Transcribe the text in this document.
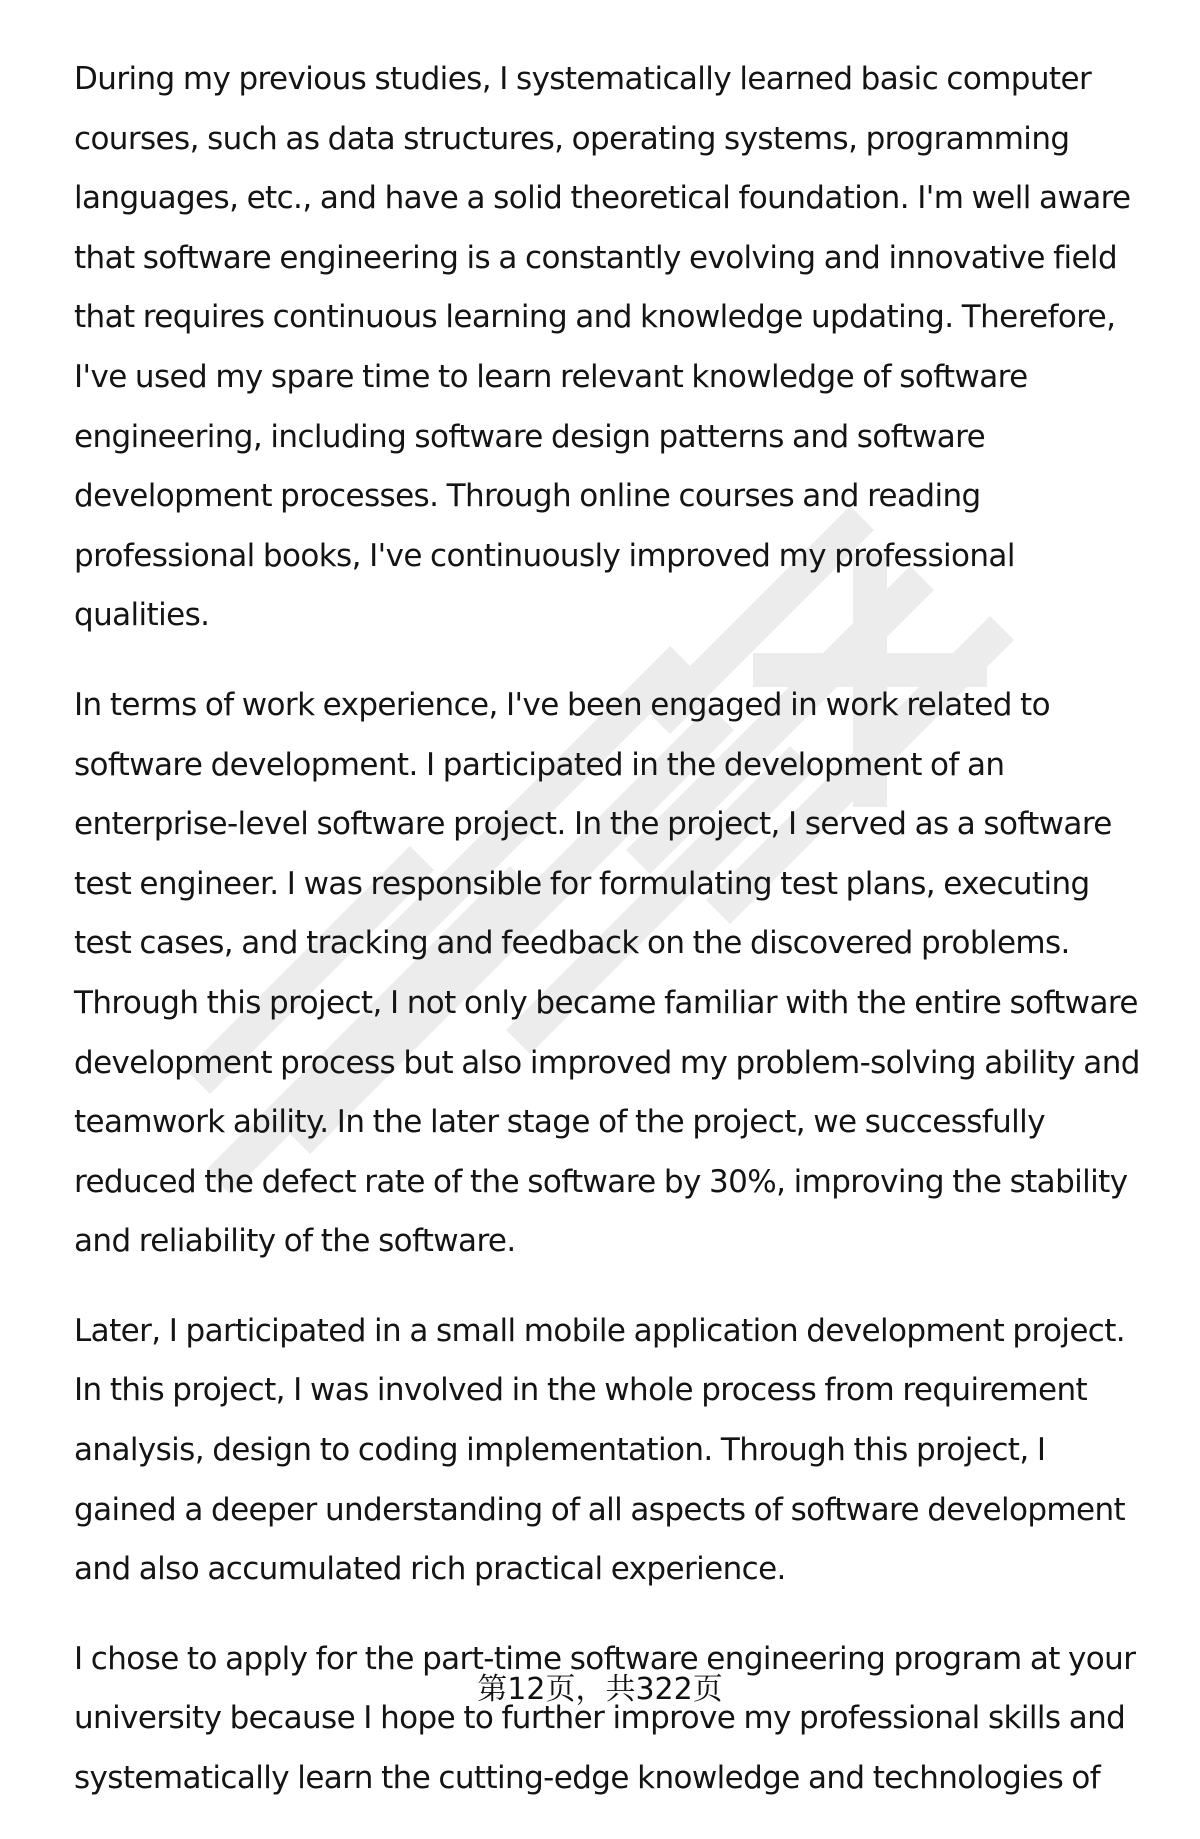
During my previous studies, I systematically learned basic computer courses, such as data structures, operating systems, programming languages, etc., and have a solid theoretical foundation. I'm well aware that software engineering is a constantly evolving and innovative field that requires continuous learning and knowledge updating. Therefore, I've used my spare time to learn relevant knowledge of software engineering, including software design patterns and software development processes. Through online courses and reading professional books, I've continuously improved my professional qualities.

In terms of work experience, I've been engaged in work related to software development. I participated in the development of an enterprise-level software project. In the project, I served as a software test engineer. I was responsible for formulating test plans, executing test cases, and tracking and feedback on the discovered problems. Through this project, I not only became familiar with the entire software development process but also improved my problem-solving ability and teamwork ability. In the later stage of the project, we successfully reduced the defect rate of the software by 30%, improving the stability and reliability of the software.

Later, I participated in a small mobile application development project. In this project, I was involved in the whole process from requirement analysis, design to coding implementation. Through this project, I gained a deeper understanding of all aspects of software development and also accumulated rich practical experience.

I chose to apply for the part-time software engineering program at your university because I hope to further improve my professional skills and systematically learn the cutting-edge knowledge and technologies of

第12页，共322页
